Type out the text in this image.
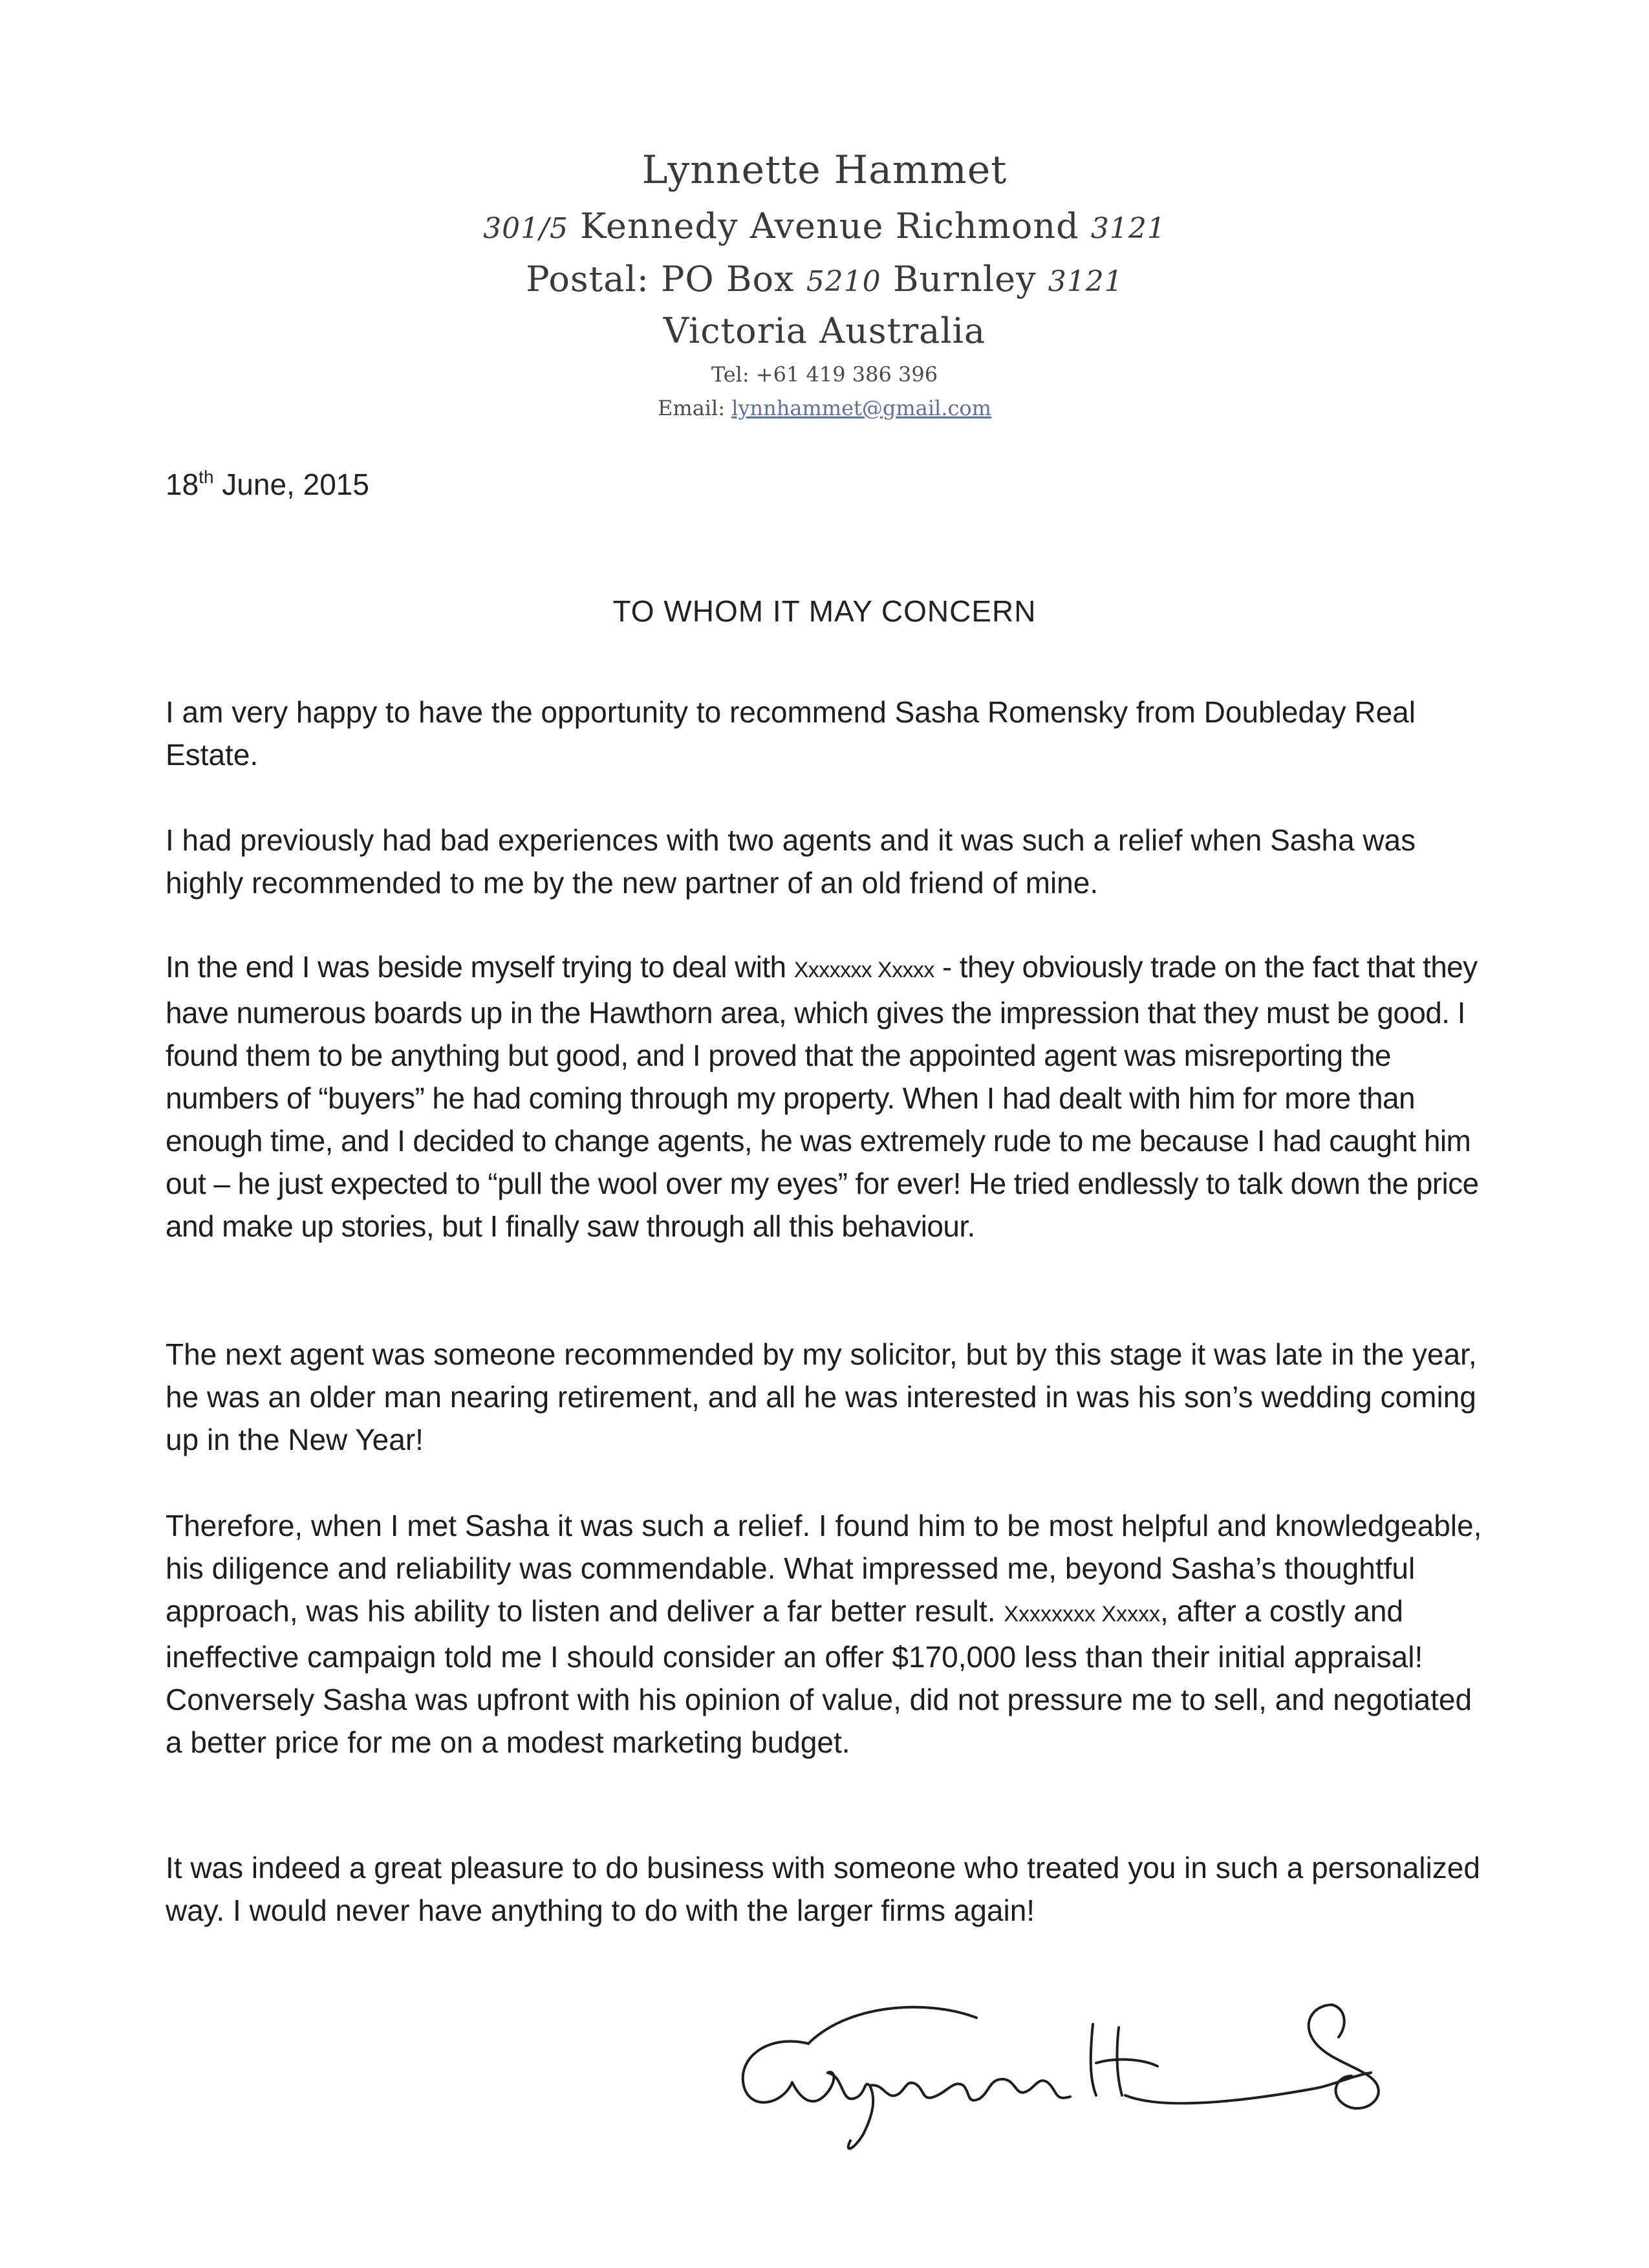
Lynnette Hammet
301/5 Kennedy Avenue Richmond 3121
Postal: PO Box 5210 Burnley 3121
Victoria Australia
Tel: +61 419 386 396
Email: lynnhammet@gmail.com
18th June, 2015
TO WHOM IT MAY CONCERN

I am very happy to have the opportunity to recommend Sasha Romensky from Doubleday Real Estate.

I had previously had bad experiences with two agents and it was such a relief when Sasha was highly recommended to me by the new partner of an old friend of mine.

In the end I was beside myself trying to deal with Xxxxxxx Xxxxx - they obviously trade on the fact that they have numerous boards up in the Hawthorn area, which gives the impression that they must be good. I found them to be anything but good, and I proved that the appointed agent was misreporting the numbers of “buyers” he had coming through my property. When I had dealt with him for more than enough time, and I decided to change agents, he was extremely rude to me because I had caught him out – he just expected to “pull the wool over my eyes” for ever! He tried endlessly to talk down the price and make up stories, but I finally saw through all this behaviour.

The next agent was someone recommended by my solicitor, but by this stage it was late in the year, he was an older man nearing retirement, and all he was interested in was his son’s wedding coming up in the New Year!

Therefore, when I met Sasha it was such a relief. I found him to be most helpful and knowledgeable, his diligence and reliability was commendable. What impressed me, beyond Sasha’s thoughtful approach, was his ability to listen and deliver a far better result. Xxxxxxxx Xxxxx, after a costly and ineffective campaign told me I should consider an offer $170,000 less than their initial appraisal! Conversely Sasha was upfront with his opinion of value, did not pressure me to sell, and negotiated a better price for me on a modest marketing budget.

It was indeed a great pleasure to do business with someone who treated you in such a personalized way. I would never have anything to do with the larger firms again!
